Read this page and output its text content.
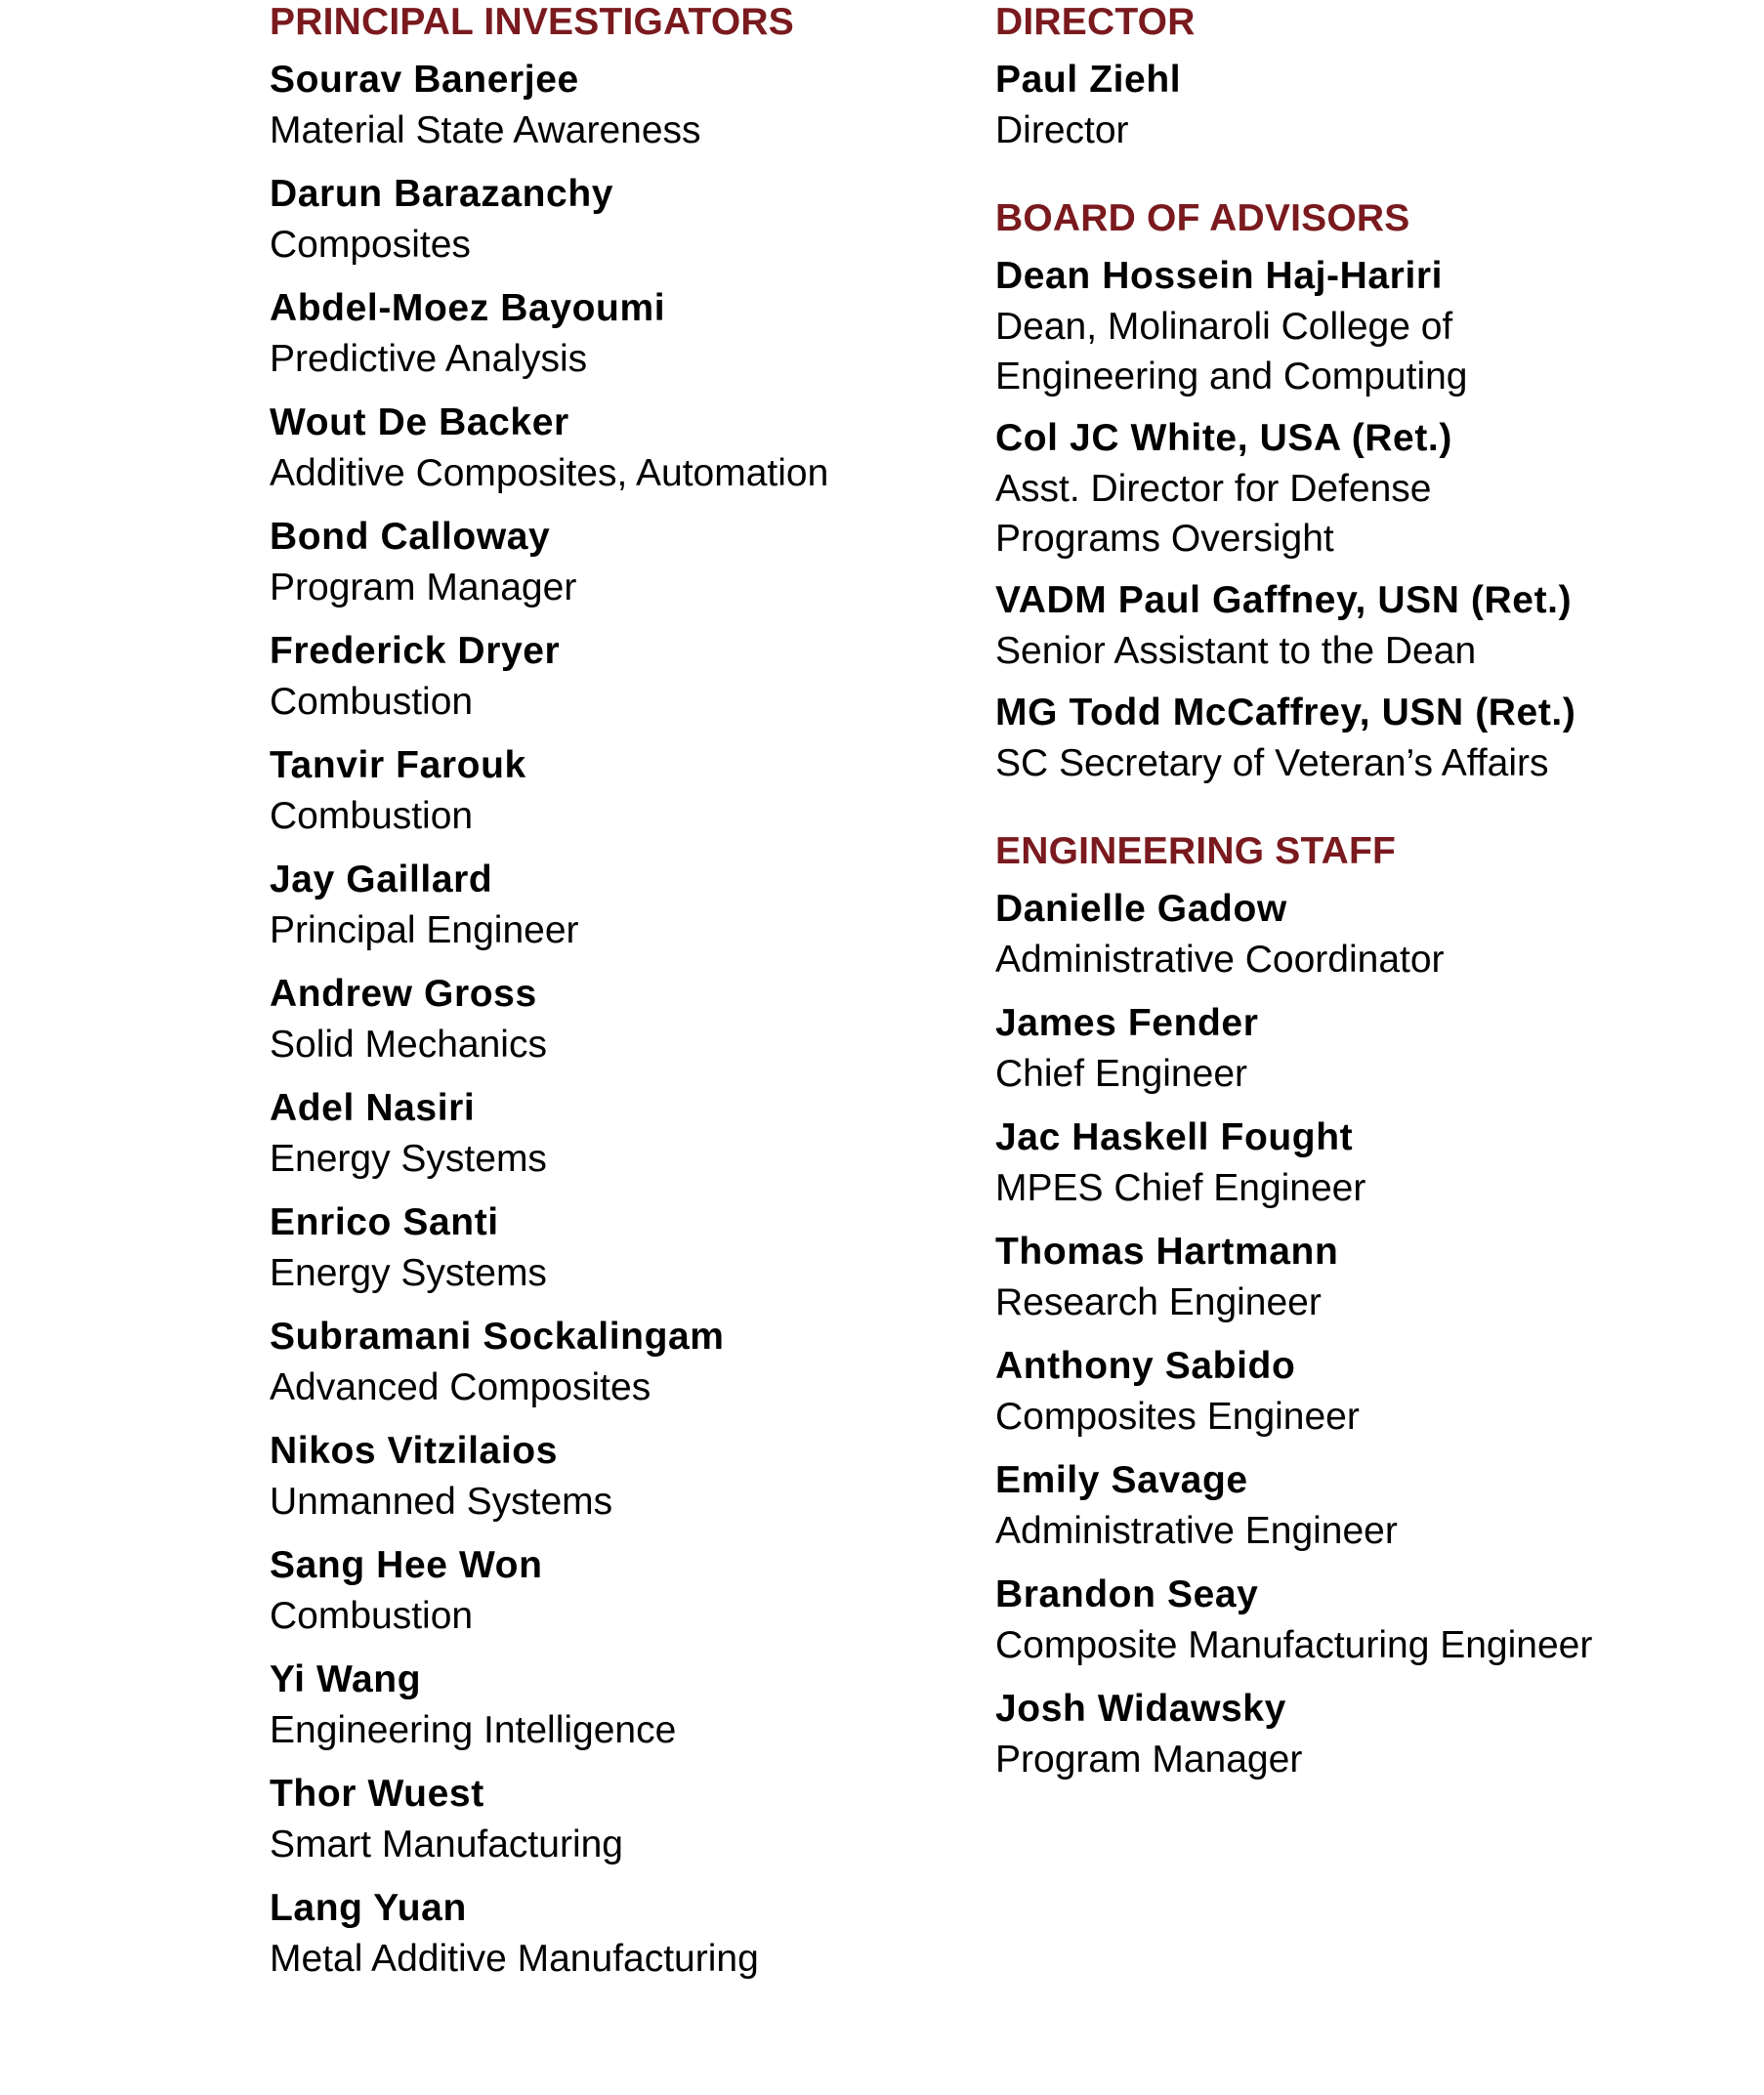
PRINCIPAL INVESTIGATORS
Sourav Banerjee
Material State Awareness
Darun Barazanchy
Composites
Abdel-Moez Bayoumi
Predictive Analysis
Wout De Backer
Additive Composites, Automation
Bond Calloway
Program Manager
Frederick Dryer
Combustion
Tanvir Farouk
Combustion
Jay Gaillard
Principal Engineer
Andrew Gross
Solid Mechanics
Adel Nasiri
Energy Systems
Enrico Santi
Energy Systems
Subramani Sockalingam
Advanced Composites
Nikos Vitzilaios
Unmanned Systems
Sang Hee Won
Combustion
Yi Wang
Engineering Intelligence
Thor Wuest
Smart Manufacturing
Lang Yuan
Metal Additive Manufacturing
DIRECTOR
Paul Ziehl
Director
BOARD OF ADVISORS
Dean Hossein Haj-Hariri
Dean, Molinaroli College of
Engineering and Computing
Col JC White, USA (Ret.)
Asst. Director for Defense
Programs Oversight
VADM Paul Gaffney, USN (Ret.)
Senior Assistant to the Dean
MG Todd McCaffrey, USN (Ret.)
SC Secretary of Veteran’s Affairs
ENGINEERING STAFF
Danielle Gadow
Administrative Coordinator
James Fender
Chief Engineer
Jac Haskell Fought
MPES Chief Engineer
Thomas Hartmann
Research Engineer
Anthony Sabido
Composites Engineer
Emily Savage
Administrative Engineer
Brandon Seay
Composite Manufacturing Engineer
Josh Widawsky
Program Manager
